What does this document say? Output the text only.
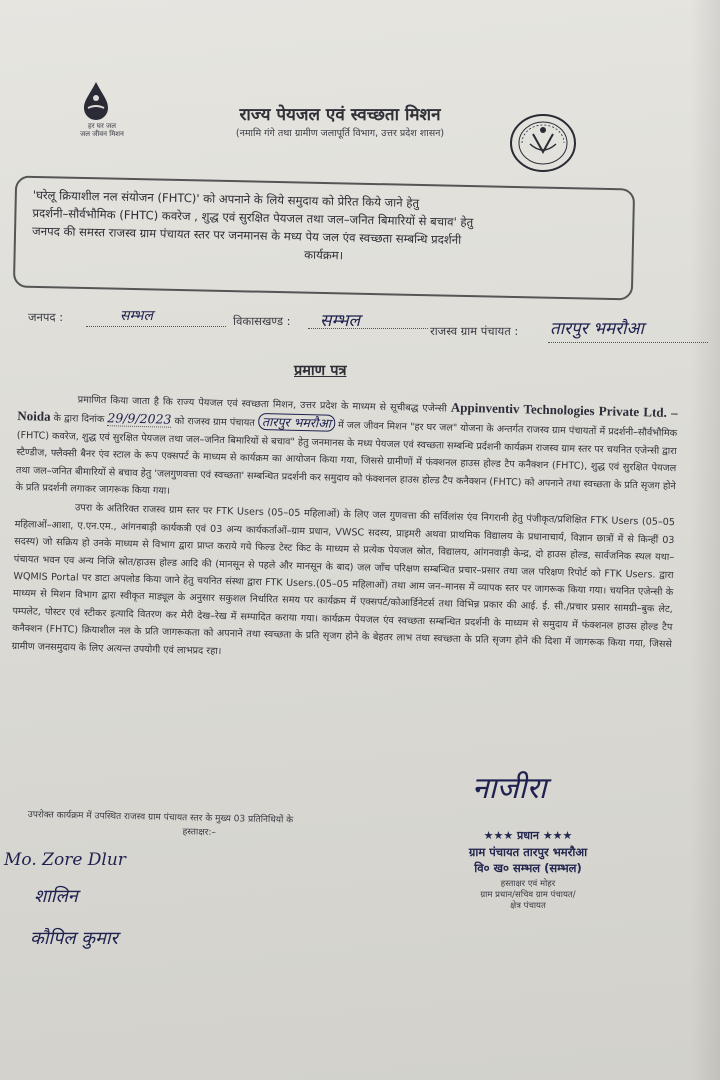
हर घर जल
जल जीवन मिशन
राज्य पेयजल एवं स्वच्छता मिशन
(नमामि गंगे तथा ग्रामीण जलापूर्ति विभाग, उत्तर प्रदेश शासन)
'घरेलू क्रियाशील नल संयोजन (FHTC)' को अपनाने के लिये समुदाय को प्रेरित किये जाने हेतु
प्रदर्शनी–सौर्वभौमिक (FHTC) कवरेज , शुद्ध एवं सुरक्षित पेयजल तथा जल–जनित बिमारियों से बचाव' हेतु
जनपद की समस्त राजस्व ग्राम पंचायत स्तर पर जनमानस के मध्य पेय जल एंव स्वच्छता सम्बन्धि प्रदर्शनी
कार्यक्रम।
जनपद :	सम्भल	विकासखण्ड : सम्भल	राजस्व ग्राम पंचायत : तारपुर भमरौआ
प्रमाण पत्र

प्रमाणित किया जाता है कि राज्य पेयजल एवं स्वच्छता मिशन, उत्तर प्रदेश के माध्यम से सूचीबद्ध एजेन्सी Appinventiv Technologies Private Ltd. – Noida के द्वारा दिनांक 29/9/2023 को राजस्व ग्राम पंचायत तारपुर भमरौआ में जल जीवन मिशन "हर घर जल" योजना के अन्तर्गत राजस्व ग्राम पंचायतों में प्रदर्शनी–सौर्वभौमिक (FHTC) कवरेज, शुद्ध एवं सुरक्षित पेयजल तथा जल–जनित बिमारियों से बचाव" हेतु जनमानस के मध्य पेयजल एवं स्वच्छता सम्बन्धि प्रर्दशनी कार्यक्रम राजस्व ग्राम स्तर पर चयनित एजेन्सी द्वारा स्टैण्डीज, फ्लैक्सी बैनर एंव स्टाल के रूप एक्सपर्ट के माध्यम से कार्यक्रम का आयोजन किया गया, जिससे ग्रामीणों में फंक्शनल हाउस होल्ड टैप कनैक्शन (FHTC), शुद्ध एवं सुरक्षित पेयजल तथा जल–जनित बीमारियों से बचाव हेतु 'जलगुणवत्ता एवं स्वच्छता' सम्बन्धित प्रदर्शनी कर समुदाय को फंक्शनल हाउस होल्ड टैप कनैक्शन (FHTC) को अपनाने तथा स्वच्छता के प्रति सृजग होने के प्रति प्रदर्शनी लगाकर जागरूक किया गया।

उपरा के अतिरिक्त राजस्व ग्राम स्तर पर FTK Users (05–05 महिलाओं) के लिए जल गुणवत्ता की सर्विलांस एंव निगरानी हेतु पंजीकृत/प्रशिक्षित FTK Users (05–05 महिलाओं–आशा, ए.एन.एम., आंगनबाड़ी कार्यकत्री एवं 03 अन्य कार्यकर्ताओं–ग्राम प्रधान, VWSC सदस्य, प्राइमरी अथवा प्राथमिक विद्यालय के प्रधानाचार्य, विज्ञान छात्रों में से किन्हीं 03 सदस्य) जो सक्रिय हो उनके माध्यम से विभाग द्वारा प्राप्त कराये गये फिल्ड टेस्ट किट के माध्यम से प्रत्येक पेयजल स्रोत, विद्यालय, आंगनवाड़ी केन्द्र, दो हाउस होल्ड, सार्वजनिक स्थल यथा–पंचायत भवन एव अन्य निजि स्रोत/हाउस होल्ड आदि की (मानसून से पहले और मानसून के बाद) जल जाँच परिक्षण सम्बन्धित प्रचार–प्रसार तथा जल परिक्षण रिपोर्ट को FTK Users. द्वारा WQMIS Portal पर डाटा अपलोड किया जाने हेतु चयनित संस्था द्वारा FTK Users.(05–05 महिलाओं) तथा आम जन–मानस में व्यापक स्तर पर जागरूक किया गया। चयनित एजेन्सी के माध्यम से मिशन विभाग द्वारा स्वीकृत माड्यूल के अनुसार सकुशल निर्धारित समय पर कार्यक्रम में एक्सपर्ट/कोआर्डिनेटर्स तथा विभिन्न प्रकार की आई. ई. सी./प्रचार प्रसार सामग्री–बुक लेट, पम्पलेट, पोस्टर एवं स्टीकर इत्यादि वितरण कर मेरी देख–रेख में सम्पादित कराया गया। कार्यक्रम पेयजल एंव स्वच्छता सम्बन्धित प्रदर्शनी के माध्यम से समुदाय में फंक्शनल हाउस होल्ड टैप कनैक्शन (FHTC) क्रियाशील नल के प्रति जागरूकता को अपनाने तथा स्वच्छता के प्रति सृजग होने के बेहतर लाभ तथा स्वच्छता के प्रति सृजग होने की दिशा में जागरूक किया गया, जिससे ग्रामीण जनसमुदाय के लिए अत्यन्त उपयोगी एवं लाभप्रद रहा।

उपरोक्त कार्यक्रम में उपस्थित राजस्व ग्राम पंचायत स्तर के मुख्य 03 प्रतिनिधियों के
हस्ताक्षर:–
Mo. Zore Dlur
शालिन
कौपिल कुमार
नाजीरा
★★★ प्रधान ★★★
ग्राम पंचायत तारपुर भमरौआ
वि० ख० सम्भल (सम्भल)
हस्ताक्षर एवं मोहर
ग्राम प्रधान/सचिव ग्राम पंचायत/
क्षेत्र पंचायत
